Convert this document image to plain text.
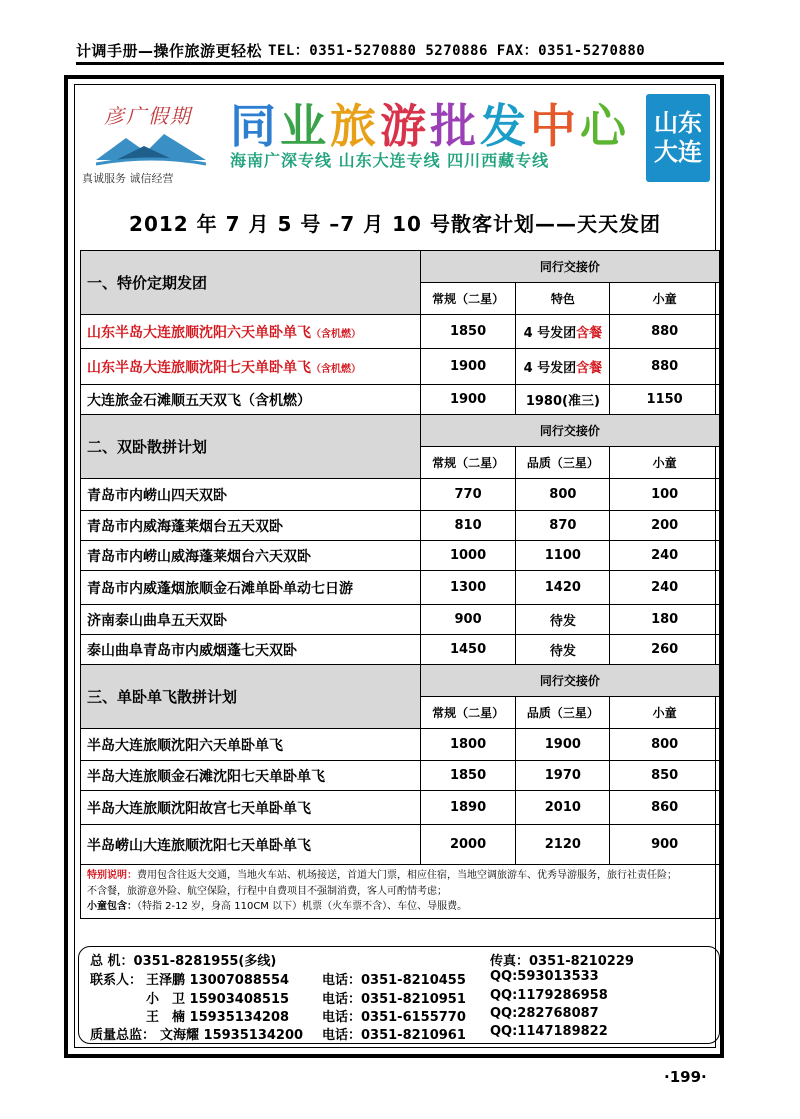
计调手册—操作旅游更轻松 TEL：0351-5270880 5270886 FAX：0351-5270880
彦广假期
真诚服务 诚信经营
同业旅游批发中心
海南广深专线 山东大连专线 四川西藏专线

山东
大连
2012 年 7 月 5 号 –7 月 10 号散客计划——天天发团
一、特价定期发团	同行交接价		
	常规（二星）	特色	小童
山东半岛大连旅顺沈阳六天单卧单飞（含机燃）	1850	4 号发团含餐	880
山东半岛大连旅顺沈阳七天单卧单飞（含机燃）	1900	4 号发团含餐	880
大连旅金石滩顺五天双飞（含机燃）	1900	1980(准三)	1150
二、双卧散拼计划	同行交接价		
	常规（二星）	品质（三星）	小童
青岛市内崂山四天双卧	770	800	100
青岛市内威海蓬莱烟台五天双卧	810	870	200
青岛市内崂山威海蓬莱烟台六天双卧	1000	1100	240
青岛市内威蓬烟旅顺金石滩单卧单动七日游	1300	1420	240
济南泰山曲阜五天双卧	900	待发	180
泰山曲阜青岛市内威烟蓬七天双卧	1450	待发	260
三、单卧单飞散拼计划	同行交接价		
	常规（二星）	品质（三星）	小童
半岛大连旅顺沈阳六天单卧单飞	1800	1900	800
半岛大连旅顺金石滩沈阳七天单卧单飞	1850	1970	850
半岛大连旅顺沈阳故宫七天单卧单飞	1890	2010	860
半岛崂山大连旅顺沈阳七天单卧单飞	2000	2120	900
特别说明：费用包含往返大交通，当地火车站、机场接送，首道大门票，相应住宿，当地空调旅游车、优秀导游服务，旅行社责任险；
不含餐，旅游意外险、航空保险，行程中自费项目不强制消费，客人可酌情考虑；
小童包含：（特指 2-12 岁，身高 110CM 以下）机票（火车票不含）、车位、导服费。			
总 机：0351-8281955(多线)	传真：0351-8210229
联系人： 王泽鹏 13007088554	电话：0351-8210455 QQ:593013533
小　卫 15903408515	电话：0351-8210951 QQ:1179286958
王　楠 15935134208	电话：0351-6155770 QQ:282768087
质量总监： 文海耀 15935134200 电话：0351-8210961 QQ:1147189822
·199·
